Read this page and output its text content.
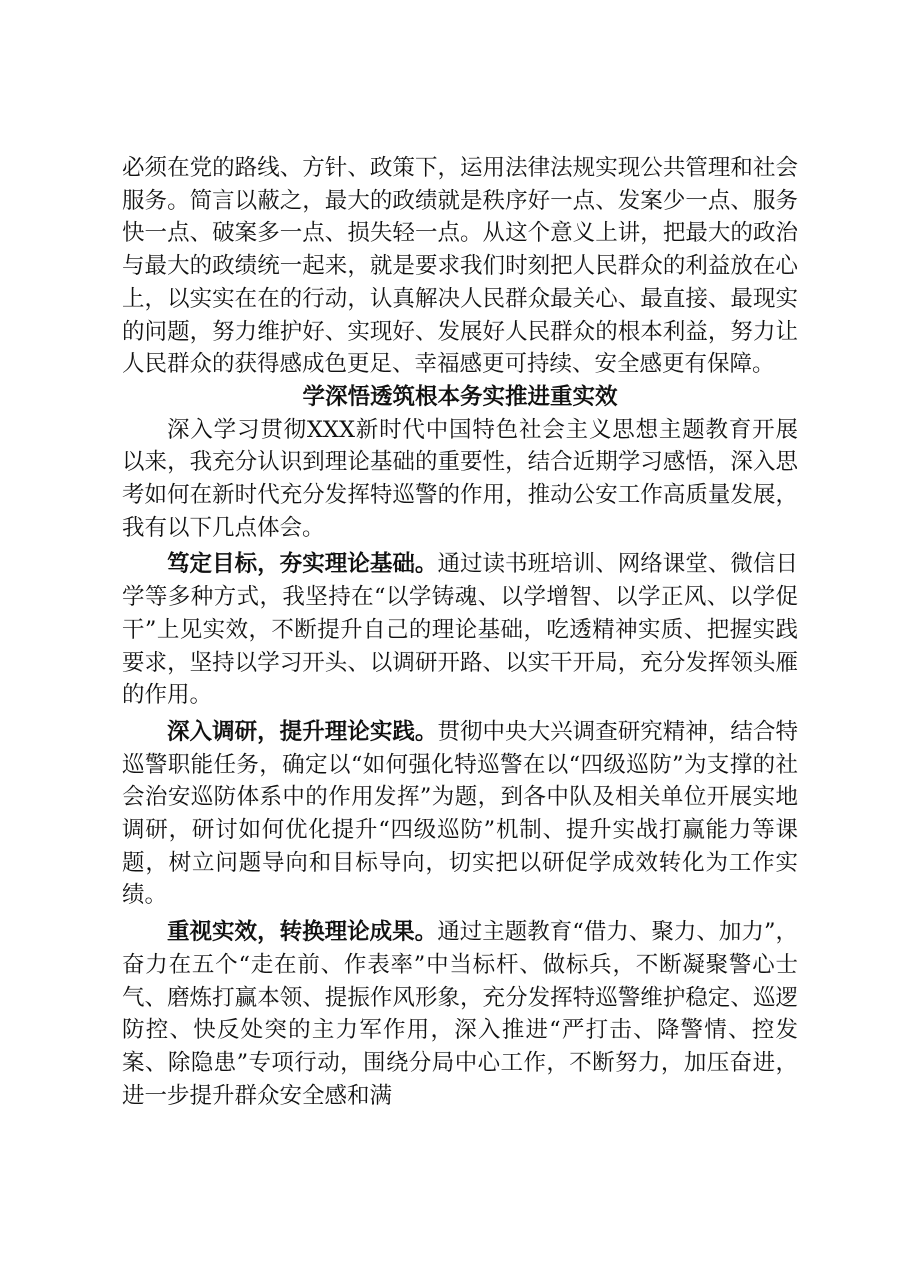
必须在党的路线、方针、政策下，运用法律法规实现公共管理和社会服务。简言以蔽之，最大的政绩就是秩序好一点、发案少一点、服务快一点、破案多一点、损失轻一点。从这个意义上讲，把最大的政治与最大的政绩统一起来，就是要求我们时刻把人民群众的利益放在心上，以实实在在的行动，认真解决人民群众最关心、最直接、最现实的问题，努力维护好、实现好、发展好人民群众的根本利益，努力让人民群众的获得感成色更足、幸福感更可持续、安全感更有保障。

学深悟透筑根本务实推进重实效

深入学习贯彻XXX新时代中国特色社会主义思想主题教育开展以来，我充分认识到理论基础的重要性，结合近期学习感悟，深入思考如何在新时代充分发挥特巡警的作用，推动公安工作高质量发展，我有以下几点体会。

笃定目标，夯实理论基础。通过读书班培训、网络课堂、微信日学等多种方式，我坚持在“以学铸魂、以学增智、以学正风、以学促干”上见实效，不断提升自己的理论基础，吃透精神实质、把握实践要求，坚持以学习开头、以调研开路、以实干开局，充分发挥领头雁的作用。

深入调研，提升理论实践。贯彻中央大兴调查研究精神，结合特巡警职能任务，确定以“如何强化特巡警在以“四级巡防”为支撑的社会治安巡防体系中的作用发挥”为题，到各中队及相关单位开展实地调研，研讨如何优化提升“四级巡防”机制、提升实战打赢能力等课题，树立问题导向和目标导向，切实把以研促学成效转化为工作实绩。

重视实效，转换理论成果。通过主题教育“借力、聚力、加力”，奋力在五个“走在前、作表率”中当标杆、做标兵，不断凝聚警心士气、磨炼打赢本领、提振作风形象，充分发挥特巡警维护稳定、巡逻防控、快反处突的主力军作用，深入推进“严打击、降警情、控发案、除隐患”专项行动，围绕分局中心工作，不断努力，加压奋进，进一步提升群众安全感和满
